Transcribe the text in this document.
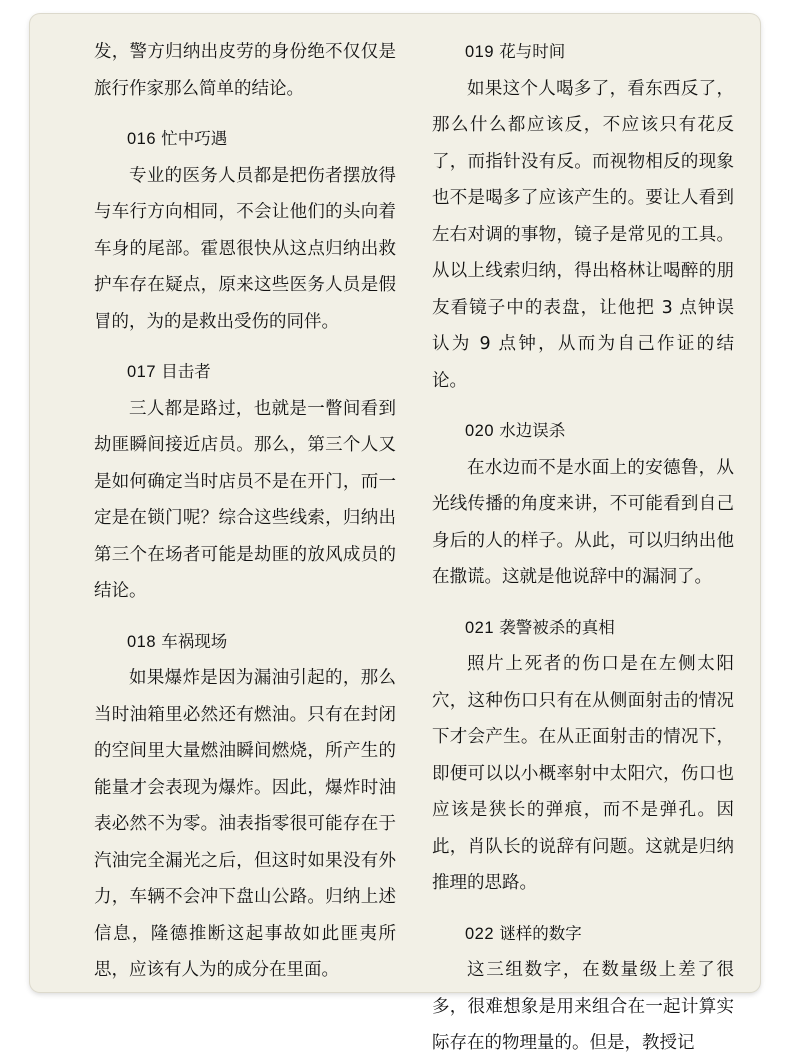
发，警方归纳出皮劳的身份绝不仅仅是旅行作家那么简单的结论。

016 忙中巧遇

专业的医务人员都是把伤者摆放得与车行方向相同，不会让他们的头向着车身的尾部。霍恩很快从这点归纳出救护车存在疑点，原来这些医务人员是假冒的，为的是救出受伤的同伴。

017 目击者

三人都是路过，也就是一瞥间看到劫匪瞬间接近店员。那么，第三个人又是如何确定当时店员不是在开门，而一定是在锁门呢？综合这些线索，归纳出第三个在场者可能是劫匪的放风成员的结论。

018 车祸现场

如果爆炸是因为漏油引起的，那么当时油箱里必然还有燃油。只有在封闭的空间里大量燃油瞬间燃烧，所产生的能量才会表现为爆炸。因此，爆炸时油表必然不为零。油表指零很可能存在于汽油完全漏光之后，但这时如果没有外力，车辆不会冲下盘山公路。归纳上述信息，隆德推断这起事故如此匪夷所思，应该有人为的成分在里面。

019 花与时间

如果这个人喝多了，看东西反了，那么什么都应该反，不应该只有花反了，而指针没有反。而视物相反的现象也不是喝多了应该产生的。要让人看到左右对调的事物，镜子是常见的工具。从以上线索归纳，得出格林让喝醉的朋友看镜子中的表盘，让他把 3 点钟误认为 9 点钟，从而为自己作证的结论。

020 水边误杀

在水边而不是水面上的安德鲁，从光线传播的角度来讲，不可能看到自己身后的人的样子。从此，可以归纳出他在撒谎。这就是他说辞中的漏洞了。

021 袭警被杀的真相

照片上死者的伤口是在左侧太阳穴，这种伤口只有在从侧面射击的情况下才会产生。在从正面射击的情况下，即便可以以小概率射中太阳穴，伤口也应该是狭长的弹痕，而不是弹孔。因此，肖队长的说辞有问题。这就是归纳推理的思路。

022 谜样的数字

这三组数字，在数量级上差了很多，很难想象是用来组合在一起计算实际存在的物理量的。但是，教授记
